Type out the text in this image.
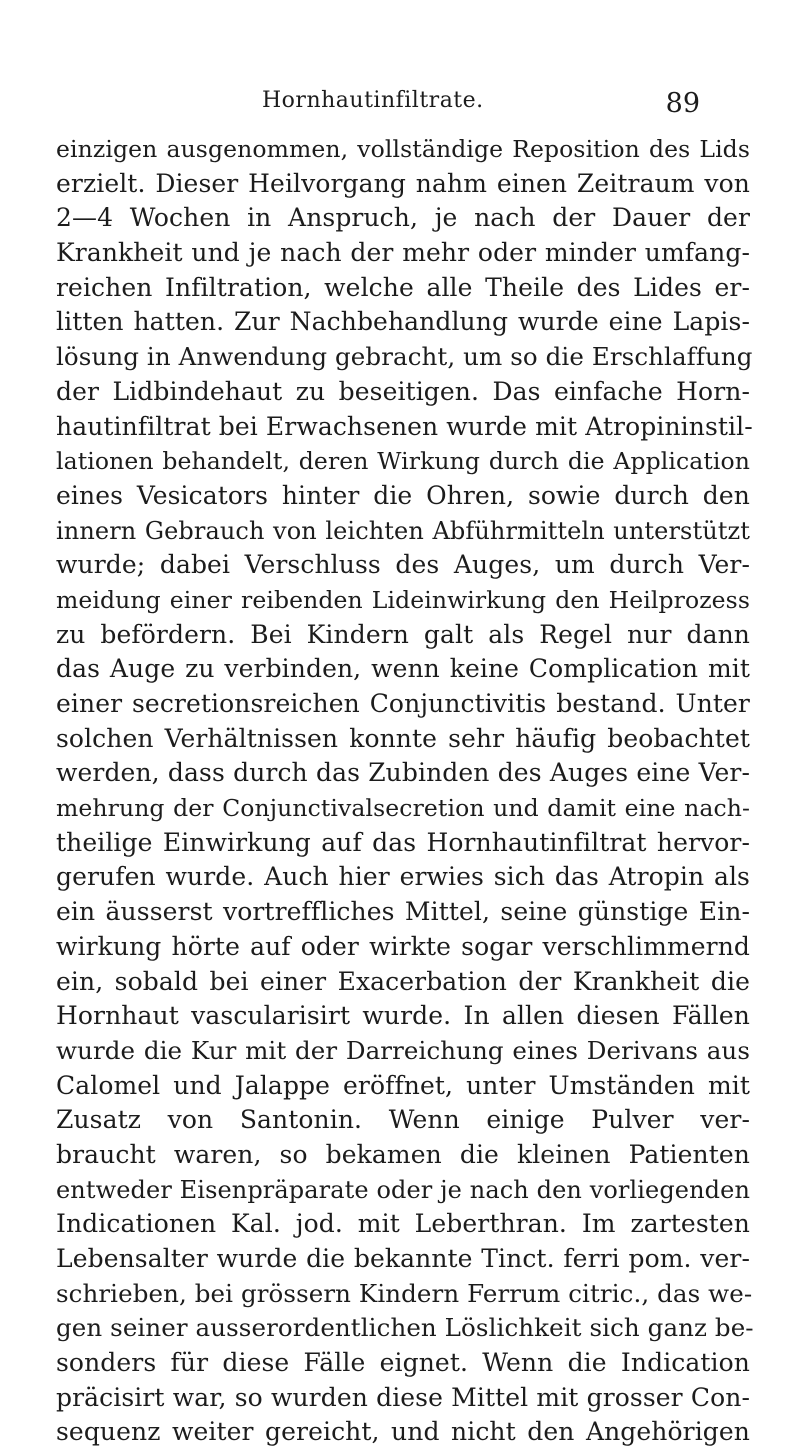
Hornhautinfiltrate.	89
einzigen ausgenommen, vollständige Reposition des Lids
erzielt. Dieser Heilvorgang nahm einen Zeitraum von
2—4 Wochen in Anspruch, je nach der Dauer der
Krankheit und je nach der mehr oder minder umfang-
reichen Infiltration, welche alle Theile des Lides er-
litten hatten. Zur Nachbehandlung wurde eine Lapis-
lösung in Anwendung gebracht, um so die Erschlaffung
der Lidbindehaut zu beseitigen. Das einfache Horn-
hautinfiltrat bei Erwachsenen wurde mit Atropininstil-
lationen behandelt, deren Wirkung durch die Application
eines Vesicators hinter die Ohren, sowie durch den
innern Gebrauch von leichten Abführmitteln unterstützt
wurde; dabei Verschluss des Auges, um durch Ver-
meidung einer reibenden Lideinwirkung den Heilprozess
zu befördern. Bei Kindern galt als Regel nur dann
das Auge zu verbinden, wenn keine Complication mit
einer secretionsreichen Conjunctivitis bestand. Unter
solchen Verhältnissen konnte sehr häufig beobachtet
werden, dass durch das Zubinden des Auges eine Ver-
mehrung der Conjunctivalsecretion und damit eine nach-
theilige Einwirkung auf das Hornhautinfiltrat hervor-
gerufen wurde. Auch hier erwies sich das Atropin als
ein äusserst vortreffliches Mittel, seine günstige Ein-
wirkung hörte auf oder wirkte sogar verschlimmernd
ein, sobald bei einer Exacerbation der Krankheit die
Hornhaut vascularisirt wurde. In allen diesen Fällen
wurde die Kur mit der Darreichung eines Derivans aus
Calomel und Jalappe eröffnet, unter Umständen mit
Zusatz von Santonin. Wenn einige Pulver ver-
braucht waren, so bekamen die kleinen Patienten
entweder Eisenpräparate oder je nach den vorliegenden
Indicationen Kal. jod. mit Leberthran. Im zartesten
Lebensalter wurde die bekannte Tinct. ferri pom. ver-
schrieben, bei grössern Kindern Ferrum citric., das we-
gen seiner ausserordentlichen Löslichkeit sich ganz be-
sonders für diese Fälle eignet. Wenn die Indication
präcisirt war, so wurden diese Mittel mit grosser Con-
sequenz weiter gereicht, und nicht den Angehörigen
